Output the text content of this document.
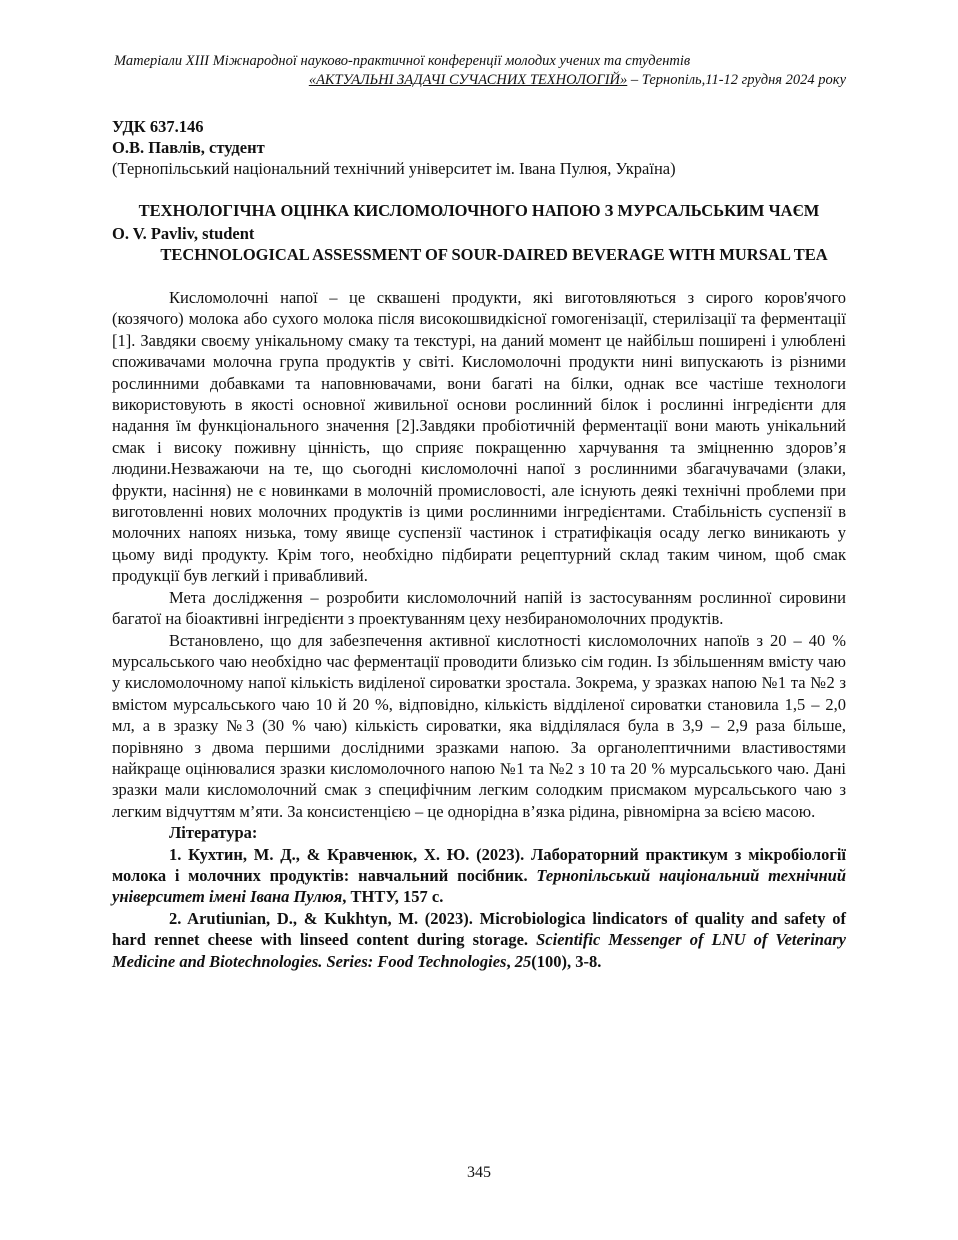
Матеріали XIII Міжнародної науково-практичної конференції молодих учених та студентів
«АКТУАЛЬНІ ЗАДАЧІ СУЧАСНИХ ТЕХНОЛОГІЙ» – Тернопіль,11-12 грудня 2024 року
УДК 637.146
О.В. Павлів, студент
(Тернопільський національний технічний університет ім. Івана Пулюя, Україна)
ТЕХНОЛОГІЧНА ОЦІНКА КИСЛОМОЛОЧНОГО НАПОЮ З МУРСАЛЬСЬКИМ ЧАЄМ
O. V. Pavliv, student
TECHNOLOGICAL ASSESSMENT OF SOUR-DAIRED BEVERAGE WITH MURSAL TEA

Кисломолочні напої – це сквашені продукти, які виготовляються з сирого коров'ячого (козячого) молока або сухого молока після високошвидкісної гомогенізації, стерилізації та ферментації [1]. Завдяки своєму унікальному смаку та текстурі, на даний момент це найбільш поширені і улюблені споживачами молочна група продуктів у світі. Кисломолочні продукти нині випускають із різними рослинними добавками та наповнювачами, вони багаті на білки, однак все частіше технологи використовують в якості основної живильної основи рослинний білок і рослинні інгредієнти для надання їм функціонального значення [2].Завдяки пробіотичній ферментації вони мають унікальний смак і високу поживну цінність, що сприяє покращенню харчування та зміцненню здоров’я людини.Незважаючи на те, що сьогодні кисломолочні напої з рослинними збагачувачами (злаки, фрукти, насіння) не є новинками в молочній промисловості, але існують деякі технічні проблеми при виготовленні нових молочних продуктів із цими рослинними інгредієнтами. Стабільність суспензії в молочних напоях низька, тому явище суспензії частинок і стратифікація осаду легко виникають у цьому виді продукту. Крім того, необхідно підбирати рецептурний склад таким чином, щоб смак продукції був легкий і привабливий.

Мета дослідження – розробити кисломолочний напій із застосуванням рослинної сировини багатої на біоактивні інгредієнти з проектуванням цеху незбираномолочних продуктів.

Встановлено, що для забезпечення активної кислотності кисломолочних напоїв з 20 – 40 % мурсальського чаю необхідно час ферментації проводити близько сім годин. Із збільшенням вмісту чаю у кисломолочному напої кількість виділеної сироватки зростала. Зокрема, у зразках напою №1 та №2 з вмістом мурсальського чаю 10 й 20 %, відповідно, кількість відділеної сироватки становила 1,5 – 2,0 мл, а в зразку №3 (30 % чаю) кількість сироватки, яка відділялася була в 3,9 – 2,9 раза більше, порівняно з двома першими дослідними зразками напою. За органолептичними властивостями найкраще оцінювалися зразки кисломолочного напою №1 та №2 з 10 та 20 % мурсальського чаю. Дані зразки мали кисломолочний смак з специфічним легким солодким присмаком мурсальського чаю з легким відчуттям м’яти. За консистенцією – це однорідна в’язка рідина, рівномірна за всією масою.

Література:

1. Кухтин, М. Д., & Кравченюк, Х. Ю. (2023). Лабораторний практикум з мікробіології молока і молочних продуктів: навчальний посібник. Тернопільський національний технічний університет імені Івана Пулюя, ТНТУ, 157 с.

2. Arutiunian, D., & Kukhtyn, M. (2023). Microbiologica lindicators of quality and safety of hard rennet cheese with linseed content during storage. Scientific Messenger of LNU of Veterinary Medicine and Biotechnologies. Series: Food Technologies, 25(100), 3-8.

345
